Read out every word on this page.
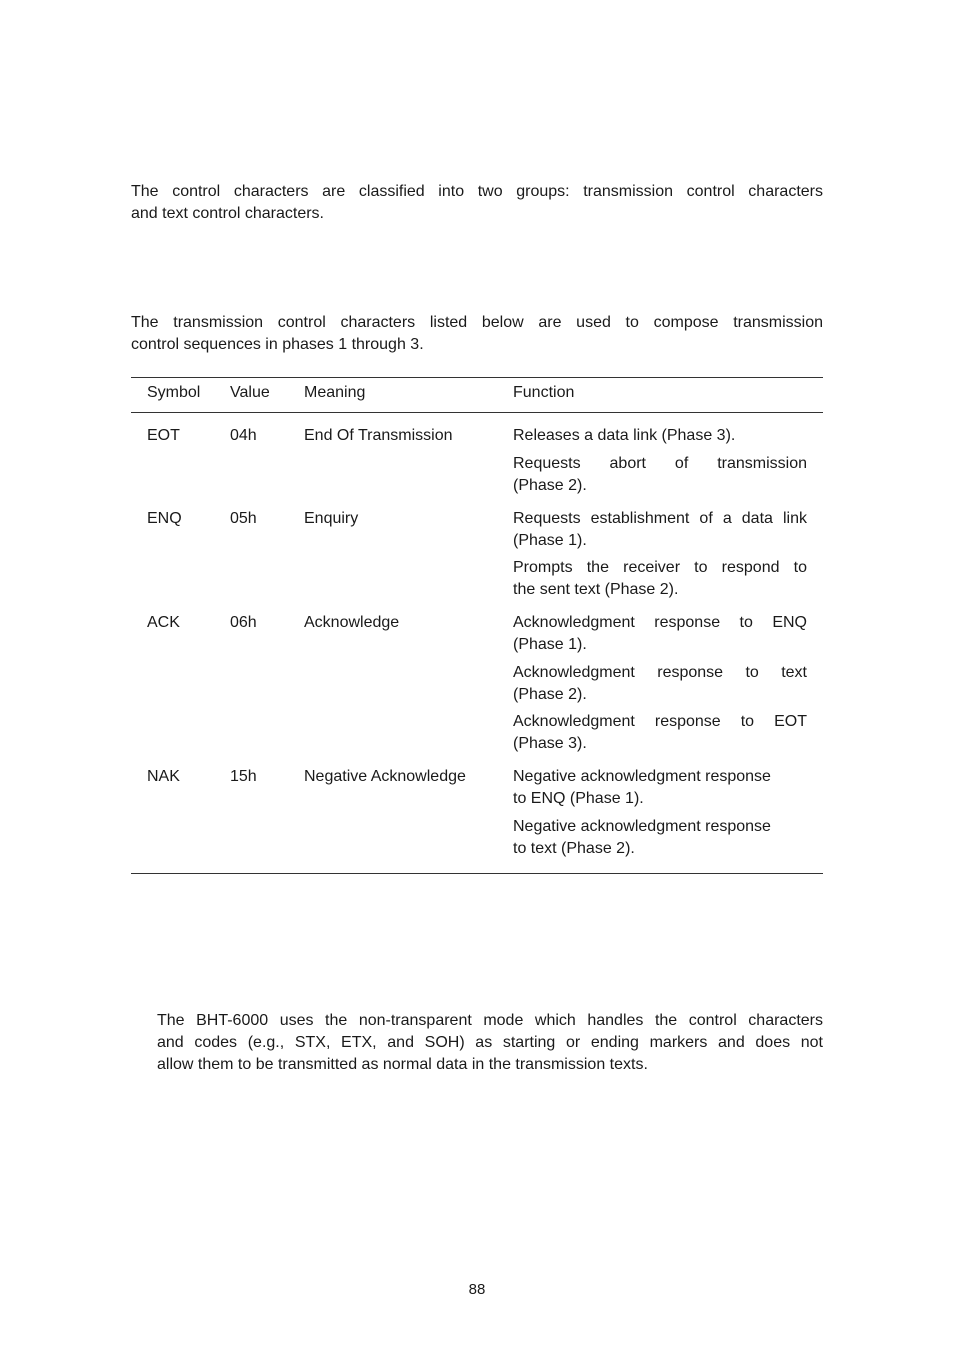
The control characters are classified into two groups: transmission control characters
and text control characters.
The transmission control characters listed below are used to compose transmission
control sequences in phases 1 through 3.
Symbol Value Meaning	Function
EOT	04h	End Of Transmission	Releases a data link (Phase 3).
Requests abort of transmission
(Phase 2).
ENQ	05h	Enquiry	Requests establishment of a data link
(Phase 1).
Prompts the receiver to respond to
the sent text (Phase 2).
ACK	06h	Acknowledge	Acknowledgment response to ENQ
(Phase 1).
Acknowledgment response to text
(Phase 2).
Acknowledgment response to EOT
(Phase 3).
NAK	15h	Negative Acknowledge	Negative acknowledgment response
to ENQ (Phase 1).
Negative acknowledgment response
to text (Phase 2).
The BHT-6000 uses the non-transparent mode which handles the control characters
and codes (e.g., STX, ETX, and SOH) as starting or ending markers and does not
allow them to be transmitted as normal data in the transmission texts.
88
